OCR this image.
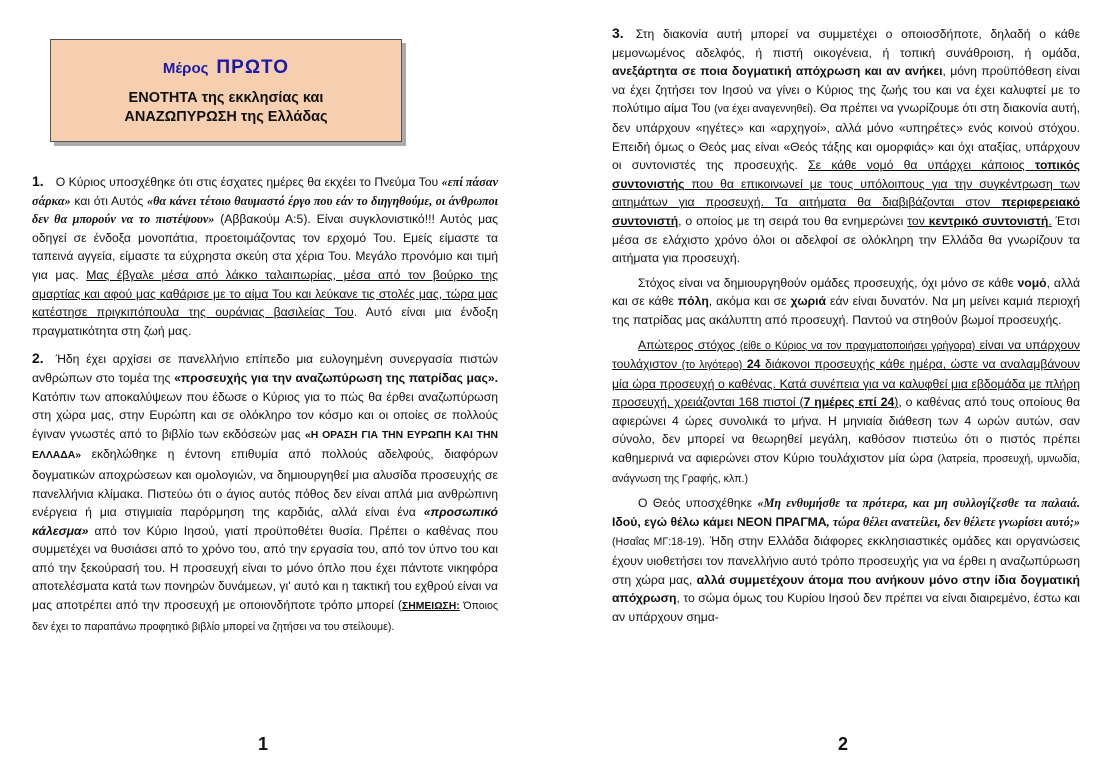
Μέρος ΠΡΩΤΟ
ΕΝΟΤΗΤΑ της εκκλησίας και
ΑΝΑΖΩΠΥΡΩΣΗ της Ελλάδας

1. Ο Κύριος υποσχέθηκε ότι στις έσχατες ημέρες θα εκχέει το Πνεύμα Του «επί πάσαν σάρκα» και ότι Αυτός «θα κάνει τέτοιο θαυμαστό έργο που εάν το διηγηθούμε, οι άνθρωποι δεν θα μπορούν να το πιστέψουν» (Αββακούμ Α:5). Είναι συγκλονιστικό!!! Αυτός μας οδηγεί σε ένδοξα μονοπάτια, προετοιμάζοντας τον ερχομό Του. Εμείς είμαστε τα ταπεινά αγγεία, είμαστε τα εύχρηστα σκεύη στα χέρια Του. Μεγάλο προνόμιο και τιμή για μας. Μας έβγαλε μέσα από λάκκο ταλαιπωρίας, μέσα από τον βούρκο της αμαρτίας και αφού μας καθάρισε με το αίμα Του και λεύκανε τις στολές μας, τώρα μας κατέστησε πριγκιπόπουλα της ουράνιας βασιλείας Του. Αυτό είναι μια ένδοξη πραγματικότητα στη ζωή μας.

2. Ήδη έχει αρχίσει σε πανελλήνιο επίπεδο μια ευλογημένη συνεργασία πιστών ανθρώπων στο τομέα της «προσευχής για την αναζωπύρωση της πατρίδας μας». Κατόπιν των αποκαλύψεων που έδωσε ο Κύριος για το πώς θα έρθει αναζωπύρωση στη χώρα μας, στην Ευρώπη και σε ολόκληρο τον κόσμο και οι οποίες σε πολλούς έγιναν γνωστές από το βιβλίο των εκδόσεών μας «Η ΟΡΑΣΗ ΓΙΑ ΤΗΝ ΕΥΡΩΠΗ ΚΑΙ ΤΗΝ ΕΛΛΑΔΑ» εκδηλώθηκε η έντονη επιθυμία από πολλούς αδελφούς, διαφόρων δογματικών αποχρώσεων και ομολογιών, να δημιουργηθεί μια αλυσίδα προσευχής σε πανελλήνια κλίμακα. Πιστεύω ότι ο άγιος αυτός πόθος δεν είναι απλά μια ανθρώπινη ενέργεια ή μια στιγμιαία παρόρμηση της καρδιάς, αλλά είναι ένα «προσωπικό κάλεσμα» από τον Κύριο Ιησού, γιατί προϋποθέτει θυσία. Πρέπει ο καθένας που συμμετέχει να θυσιάσει από το χρόνο του, από την εργασία του, από τον ύπνο του και από την ξεκούρασή του. Η προσευχή είναι το μόνο όπλο που έχει πάντοτε νικηφόρα αποτελέσματα κατά των πονηρών δυνάμεων, γι' αυτό και η τακτική του εχθρού είναι να μας αποτρέπει από την προσευχή με οποιονδήποτε τρόπο μπορεί (ΣΗΜΕΙΩΣΗ: Όποιος δεν έχει το παραπάνω προφητικό βιβλίο μπορεί να ζητήσει να του στείλουμε).

1

3. Στη διακονία αυτή μπορεί να συμμετέχει ο οποιοσδήποτε, δηλαδή ο κάθε μεμονωμένος αδελφός, ή πιστή οικογένεια, ή τοπική συνάθροιση, ή ομάδα, ανεξάρτητα σε ποια δογματική απόχρωση και αν ανήκει, μόνη προϋπόθεση είναι να έχει ζητήσει τον Ιησού να γίνει ο Κύριος της ζωής του και να έχει καλυφτεί με το πολύτιμο αίμα Του (να έχει αναγεννηθεί). Θα πρέπει να γνωρίζουμε ότι στη διακονία αυτή, δεν υπάρχουν «ηγέτες» και «αρχηγοί», αλλά μόνο «υπηρέτες» ενός κοινού στόχου. Επειδή όμως ο Θεός μας είναι «Θεός τάξης και ομορφιάς» και όχι αταξίας, υπάρχουν οι συντονιστές της προσευχής. Σε κάθε νομό θα υπάρχει κάποιος τοπικός συντονιστής που θα επικοινωνεί με τους υπόλοιπους για την συγκέντρωση των αιτημάτων για προσευχή. Τα αιτήματα θα διαβιβάζονται στον περιφερειακό συντονιστή, ο οποίος με τη σειρά του θα ενημερώνει τον κεντρικό συντονιστή. Έτσι μέσα σε ελάχιστο χρόνο όλοι οι αδελφοί σε ολόκληρη την Ελλάδα θα γνωρίζουν τα αιτήματα για προσευχή.

Στόχος είναι να δημιουργηθούν ομάδες προσευχής, όχι μόνο σε κάθε νομό, αλλά και σε κάθε πόλη, ακόμα και σε χωριά εάν είναι δυνατόν. Να μη μείνει καμιά περιοχή της πατρίδας μας ακάλυπτη από προσευχή. Παντού να στηθούν βωμοί προσευχής.

Απώτερος στόχος (είθε ο Κύριος να τον πραγματοποιήσει γρήγορα) είναι να υπάρχουν τουλάχιστον (το λιγότερο) 24 διάκονοι προσευχής κάθε ημέρα, ώστε να αναλαμβάνουν μία ώρα προσευχή ο καθένας. Κατά συνέπεια για να καλυφθεί μια εβδομάδα με πλήρη προσευχή, χρειάζονται 168 πιστοί (7 ημέρες επί 24), ο καθένας από τους οποίους θα αφιερώνει 4 ώρες συνολικά το μήνα. Η μηνιαία διάθεση των 4 ωρών αυτών, σαν σύνολο, δεν μπορεί να θεωρηθεί μεγάλη, καθόσον πιστεύω ότι ο πιστός πρέπει καθημερινά να αφιερώνει στον Κύριο τουλάχιστον μία ώρα (λατρεία, προσευχή, υμνωδία, ανάγνωση της Γραφής, κλπ.)

Ο Θεός υποσχέθηκε «Μη ενθυμήσθε τα πρότερα, και μη συλλογίζεσθε τα παλαιά. Ιδού, εγώ θέλω κάμει ΝΕΟΝ ΠΡΑΓΜΑ, τώρα θέλει ανατείλει, δεν θέλετε γνωρίσει αυτό;» (Ησαΐας ΜΓ:18-19). Ήδη στην Ελλάδα διάφορες εκκλησιαστικές ομάδες και οργανώσεις έχουν υιοθετήσει τον πανελλήνιο αυτό τρόπο προσευχής για να έρθει η αναζωπύρωση στη χώρα μας, αλλά συμμετέχουν άτομα που ανήκουν μόνο στην ίδια δογματική απόχρωση, το σώμα όμως του Κυρίου Ιησού δεν πρέπει να είναι διαιρεμένο, έστω και αν υπάρχουν σημα-

2
